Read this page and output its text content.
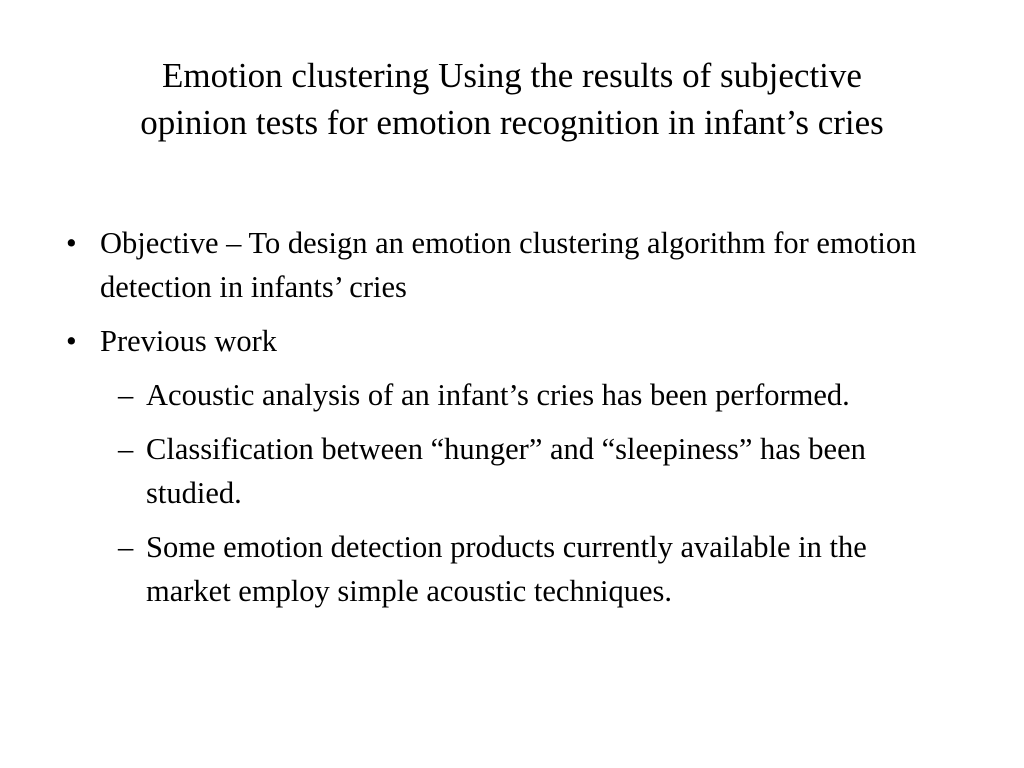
Emotion clustering Using the results of subjective
opinion tests for emotion recognition in infant’s cries
• Objective – To design an emotion clustering algorithm for emotion detection in infants’ cries
• Previous work
– Acoustic analysis of an infant’s cries has been performed.
– Classification between “hunger” and “sleepiness” has been studied.
– Some emotion detection products currently available in the market employ simple acoustic techniques.
